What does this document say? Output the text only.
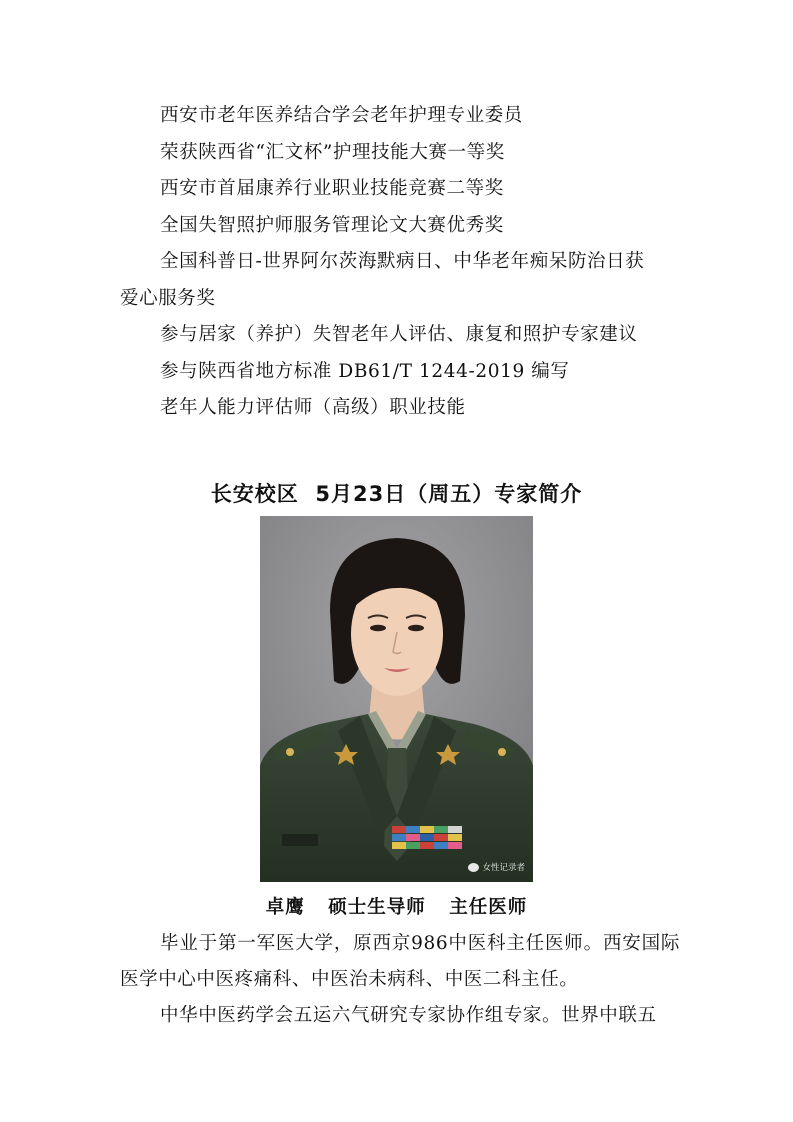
西安市老年医养结合学会老年护理专业委员
荣获陕西省“汇文杯”护理技能大赛一等奖
西安市首届康养行业职业技能竞赛二等奖
全国失智照护师服务管理论文大赛优秀奖
全国科普日-世界阿尔茨海默病日、中华老年痴呆防治日获
爱心服务奖
参与居家（养护）失智老年人评估、康复和照护专家建议
参与陕西省地方标准 DB61/T 1244-2019 编写
老年人能力评估师（高级）职业技能
长安校区  5月23日（周五）专家简介
女性记录者
卓鹰 硕士生导师 主任医师

毕业于第一军医大学，原西京986中医科主任医师。西安国际医学中心中医疼痛科、中医治未病科、中医二科主任。

中华中医药学会五运六气研究专家协作组专家。世界中联五
